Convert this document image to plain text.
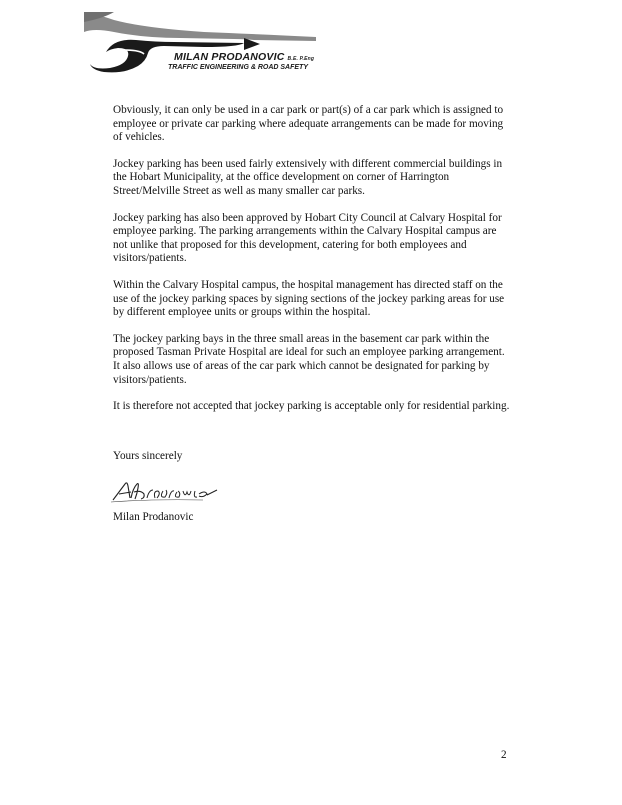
MILAN PRODANOVIC B.E. P.Eng
TRAFFIC ENGINEERING & ROAD SAFETY

Obviously, it can only be used in a car park or part(s) of a car park which is assigned to employee or private car parking where adequate arrangements can be made for moving of vehicles.

Jockey parking has been used fairly extensively with different commercial buildings in the Hobart Municipality, at the office development on corner of Harrington Street/Melville Street as well as many smaller car parks.

Jockey parking has also been approved by Hobart City Council at Calvary Hospital for employee parking. The parking arrangements within the Calvary Hospital campus are not unlike that proposed for this development, catering for both employees and visitors/patients.

Within the Calvary Hospital campus, the hospital management has directed staff on the use of the jockey parking spaces by signing sections of the jockey parking areas for use by different employee units or groups within the hospital.

The jockey parking bays in the three small areas in the basement car park within the proposed Tasman Private Hospital are ideal for such an employee parking arrangement. It also allows use of areas of the car park which cannot be designated for parking by visitors/patients.

It is therefore not accepted that jockey parking is acceptable only for residential parking.

Yours sincerely
Milan Prodanovic
2
